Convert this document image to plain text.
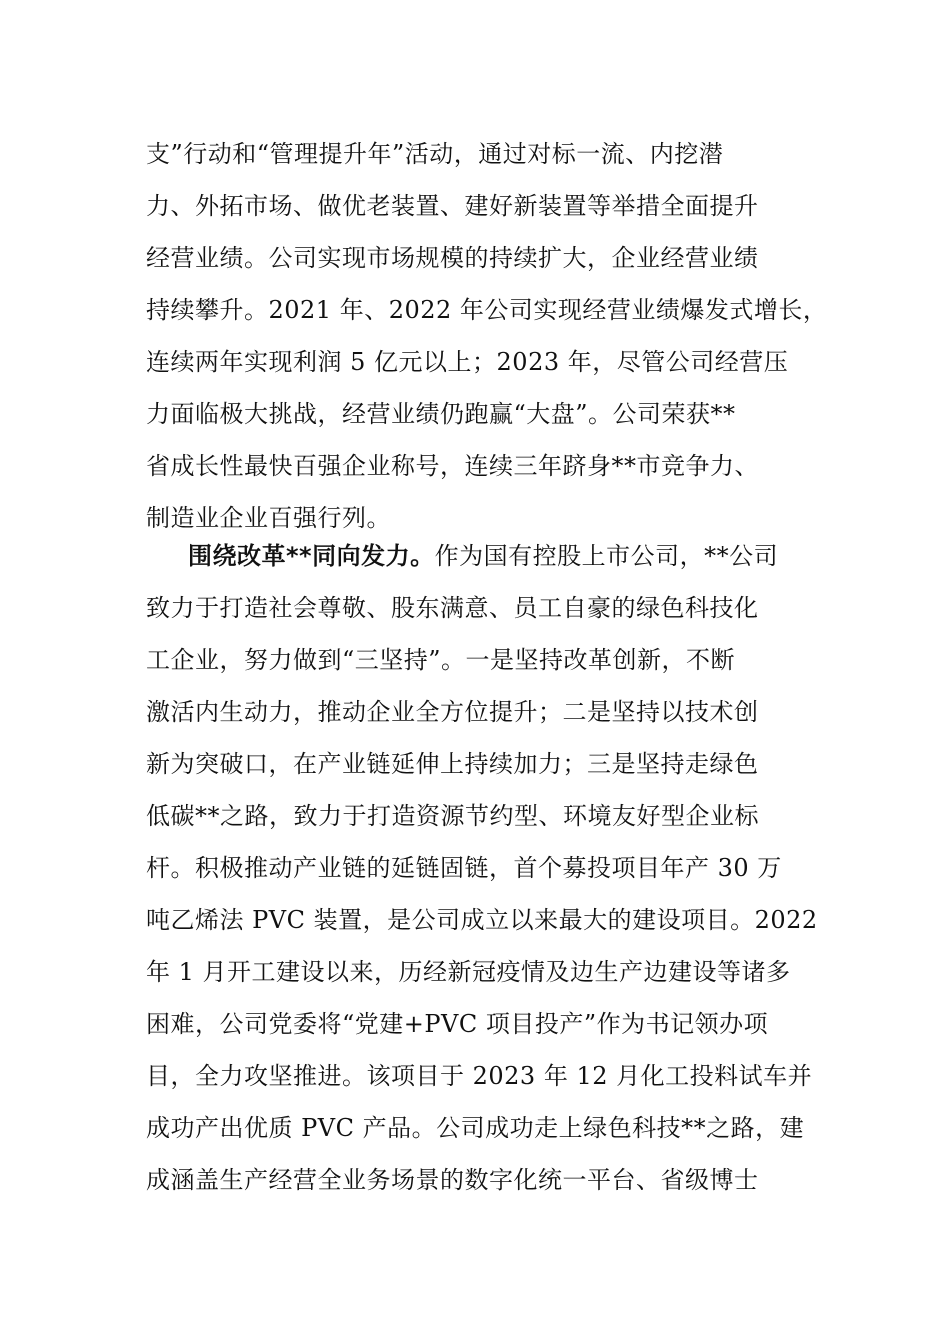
支”行动和“管理提升年”活动，通过对标一流、内挖潜
力、外拓市场、做优老装置、建好新装置等举措全面提升
经营业绩。公司实现市场规模的持续扩大，企业经营业绩
持续攀升。2021 年、2022 年公司实现经营业绩爆发式增长，
连续两年实现利润 5 亿元以上；2023 年，尽管公司经营压
力面临极大挑战，经营业绩仍跑赢“大盘”。公司荣获**
省成长性最快百强企业称号，连续三年跻身**市竞争力、
制造业企业百强行列。
围绕改革**同向发力。作为国有控股上市公司，**公司
致力于打造社会尊敬、股东满意、员工自豪的绿色科技化
工企业，努力做到“三坚持”。一是坚持改革创新，不断
激活内生动力，推动企业全方位提升；二是坚持以技术创
新为突破口，在产业链延伸上持续加力；三是坚持走绿色
低碳**之路，致力于打造资源节约型、环境友好型企业标
杆。积极推动产业链的延链固链，首个募投项目年产 30 万
吨乙烯法 PVC 装置，是公司成立以来最大的建设项目。2022
年 1 月开工建设以来，历经新冠疫情及边生产边建设等诸多
困难，公司党委将“党建+PVC 项目投产”作为书记领办项
目，全力攻坚推进。该项目于 2023 年 12 月化工投料试车并
成功产出优质 PVC 产品。公司成功走上绿色科技**之路，建
成涵盖生产经营全业务场景的数字化统一平台、省级博士
